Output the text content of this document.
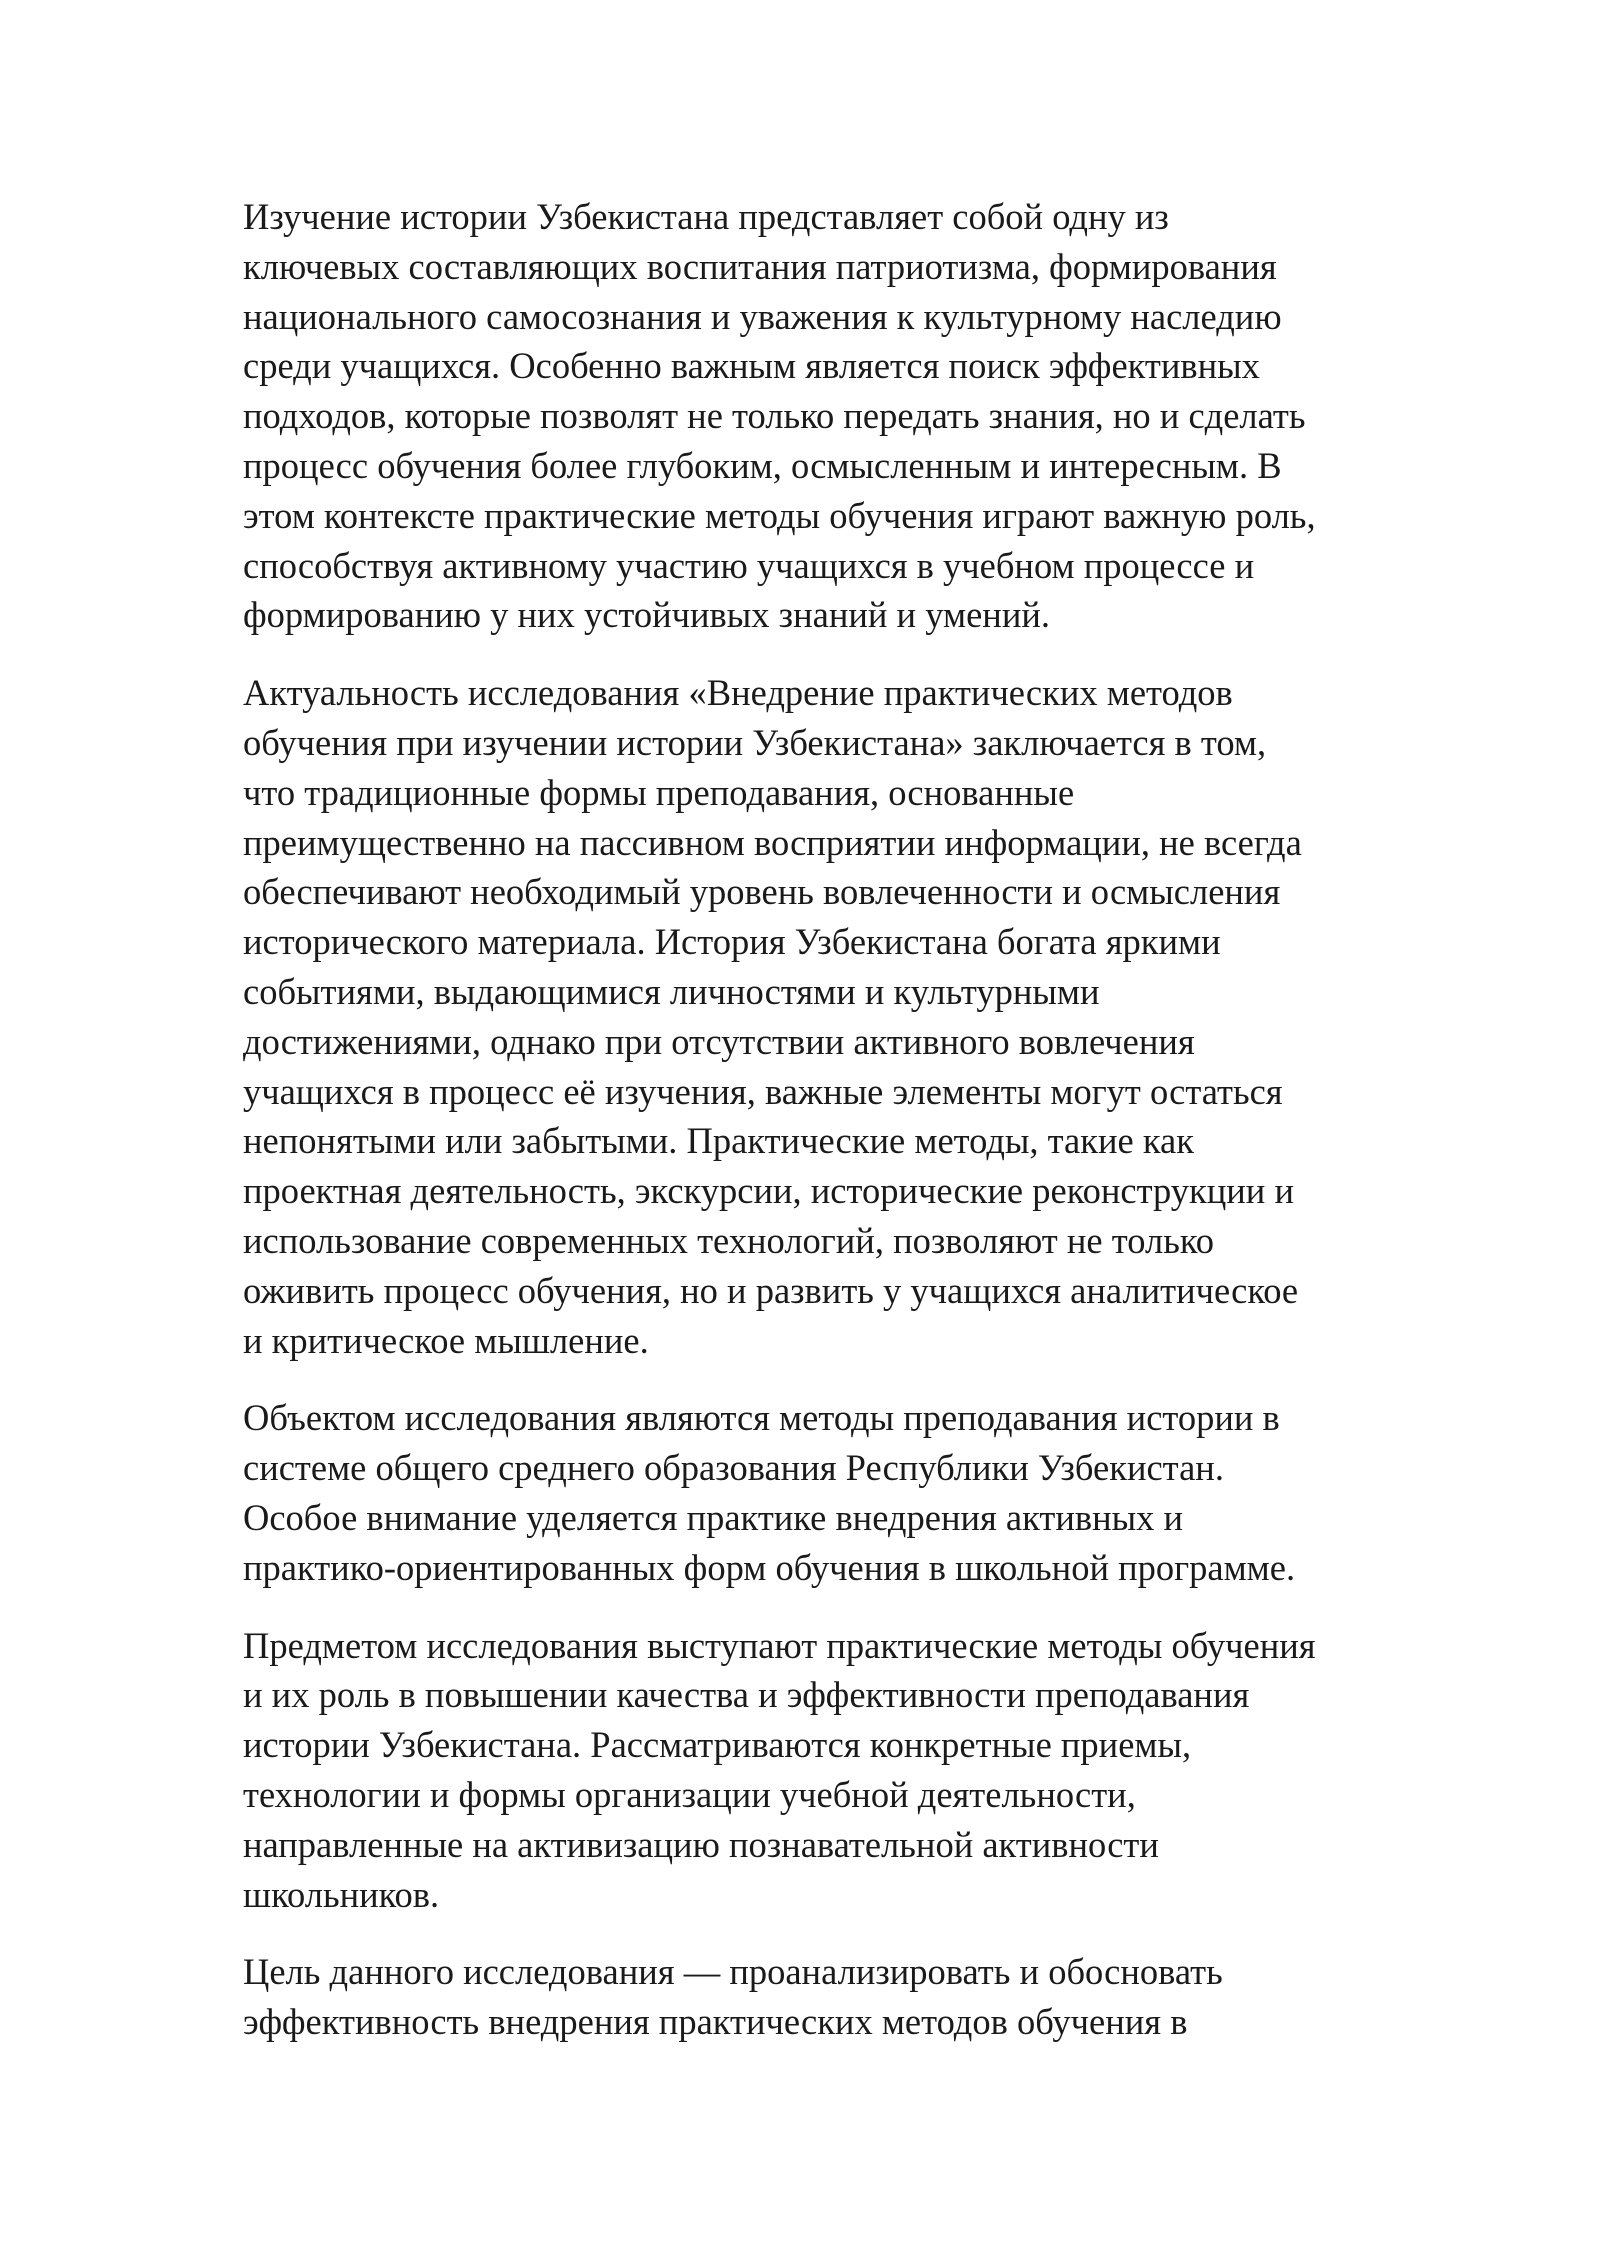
Изучение истории Узбекистана представляет собой одну из
ключевых составляющих воспитания патриотизма, формирования
национального самосознания и уважения к культурному наследию
среди учащихся. Особенно важным является поиск эффективных
подходов, которые позволят не только передать знания, но и сделать
процесс обучения более глубоким, осмысленным и интересным. В
этом контексте практические методы обучения играют важную роль,
способствуя активному участию учащихся в учебном процессе и
формированию у них устойчивых знаний и умений.

Актуальность исследования «Внедрение практических методов
обучения при изучении истории Узбекистана» заключается в том,
что традиционные формы преподавания, основанные
преимущественно на пассивном восприятии информации, не всегда
обеспечивают необходимый уровень вовлеченности и осмысления
исторического материала. История Узбекистана богата яркими
событиями, выдающимися личностями и культурными
достижениями, однако при отсутствии активного вовлечения
учащихся в процесс её изучения, важные элементы могут остаться
непонятыми или забытыми. Практические методы, такие как
проектная деятельность, экскурсии, исторические реконструкции и
использование современных технологий, позволяют не только
оживить процесс обучения, но и развить у учащихся аналитическое
и критическое мышление.

Объектом исследования являются методы преподавания истории в
системе общего среднего образования Республики Узбекистан.
Особое внимание уделяется практике внедрения активных и
практико-ориентированных форм обучения в школьной программе.

Предметом исследования выступают практические методы обучения
и их роль в повышении качества и эффективности преподавания
истории Узбекистана. Рассматриваются конкретные приемы,
технологии и формы организации учебной деятельности,
направленные на активизацию познавательной активности
школьников.

Цель данного исследования — проанализировать и обосновать
эффективность внедрения практических методов обучения в
